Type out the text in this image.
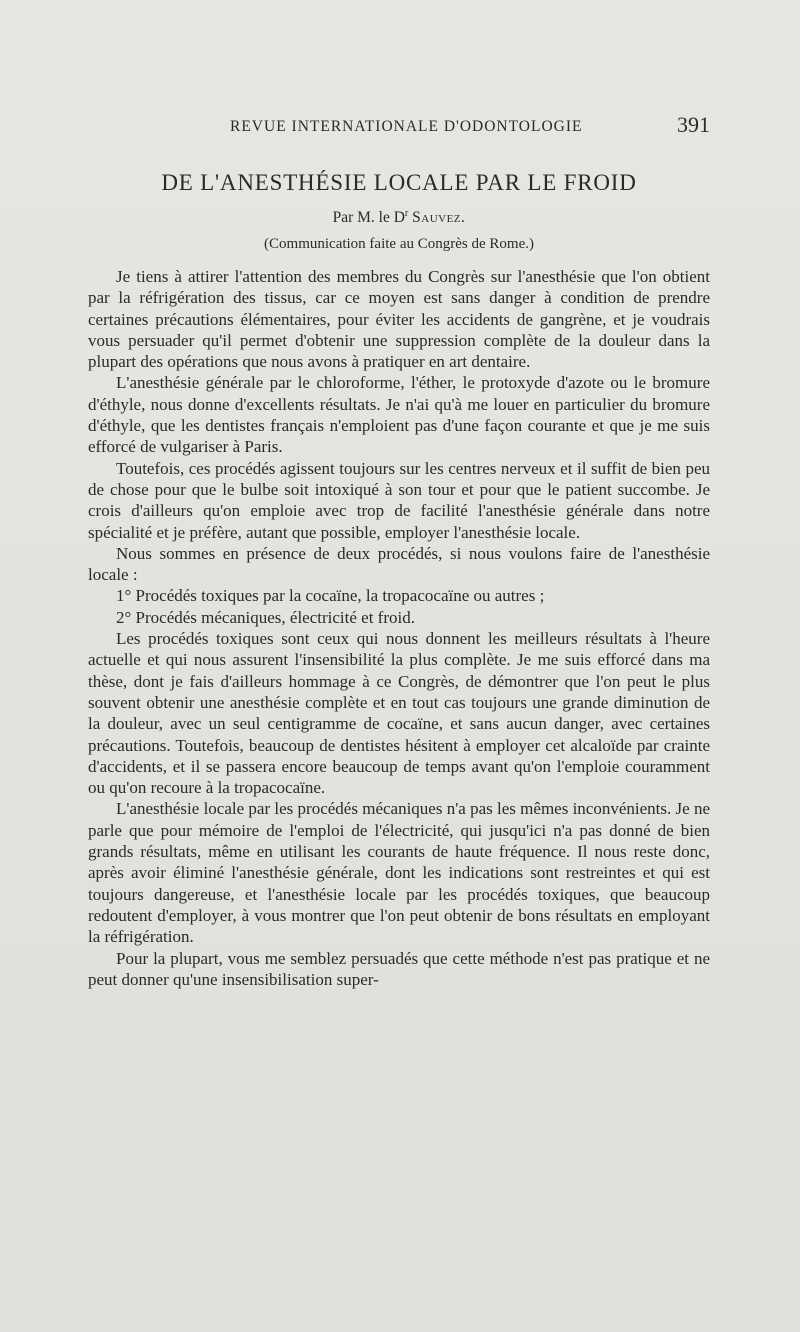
REVUE INTERNATIONALE D'ODONTOLOGIE	391
DE L'ANESTHÉSIE LOCALE PAR LE FROID
Par M. le $D^r$ Sauvez.
(Communication faite au Congrès de Rome.)

Je tiens à attirer l'attention des membres du Congrès sur l'anesthésie que l'on obtient par la réfrigération des tissus, car ce moyen est sans danger à condition de prendre certaines précautions élémentaires, pour éviter les accidents de gangrène, et je voudrais vous persuader qu'il permet d'obtenir une suppression complète de la douleur dans la plupart des opérations que nous avons à pratiquer en art dentaire.

L'anesthésie générale par le chloroforme, l'éther, le protoxyde d'azote ou le bromure d'éthyle, nous donne d'excellents résultats. Je n'ai qu'à me louer en particulier du bromure d'éthyle, que les dentistes français n'emploient pas d'une façon courante et que je me suis efforcé de vulgariser à Paris.

Toutefois, ces procédés agissent toujours sur les centres nerveux et il suffit de bien peu de chose pour que le bulbe soit intoxiqué à son tour et pour que le patient succombe. Je crois d'ailleurs qu'on emploie avec trop de facilité l'anesthésie générale dans notre spécialité et je préfère, autant que possible, employer l'anesthésie locale.

Nous sommes en présence de deux procédés, si nous voulons faire de l'anesthésie locale :

1° Procédés toxiques par la cocaïne, la tropacocaïne ou autres ;

2° Procédés mécaniques, électricité et froid.

Les procédés toxiques sont ceux qui nous donnent les meilleurs résultats à l'heure actuelle et qui nous assurent l'insensibilité la plus complète. Je me suis efforcé dans ma thèse, dont je fais d'ailleurs hommage à ce Congrès, de démontrer que l'on peut le plus souvent obtenir une anesthésie complète et en tout cas toujours une grande diminution de la douleur, avec un seul centigramme de cocaïne, et sans aucun danger, avec certaines précautions. Toutefois, beaucoup de dentistes hésitent à employer cet alcaloïde par crainte d'accidents, et il se passera encore beaucoup de temps avant qu'on l'emploie couramment ou qu'on recoure à la tropacocaïne.

L'anesthésie locale par les procédés mécaniques n'a pas les mêmes inconvénients. Je ne parle que pour mémoire de l'emploi de l'électricité, qui jusqu'ici n'a pas donné de bien grands résultats, même en utilisant les courants de haute fréquence. Il nous reste donc, après avoir éliminé l'anesthésie générale, dont les indications sont restreintes et qui est toujours dangereuse, et l'anesthésie locale par les procédés toxiques, que beaucoup redoutent d'employer, à vous montrer que l'on peut obtenir de bons résultats en employant la réfrigération.

Pour la plupart, vous me semblez persuadés que cette méthode n'est pas pratique et ne peut donner qu'une insensibilisation super-
